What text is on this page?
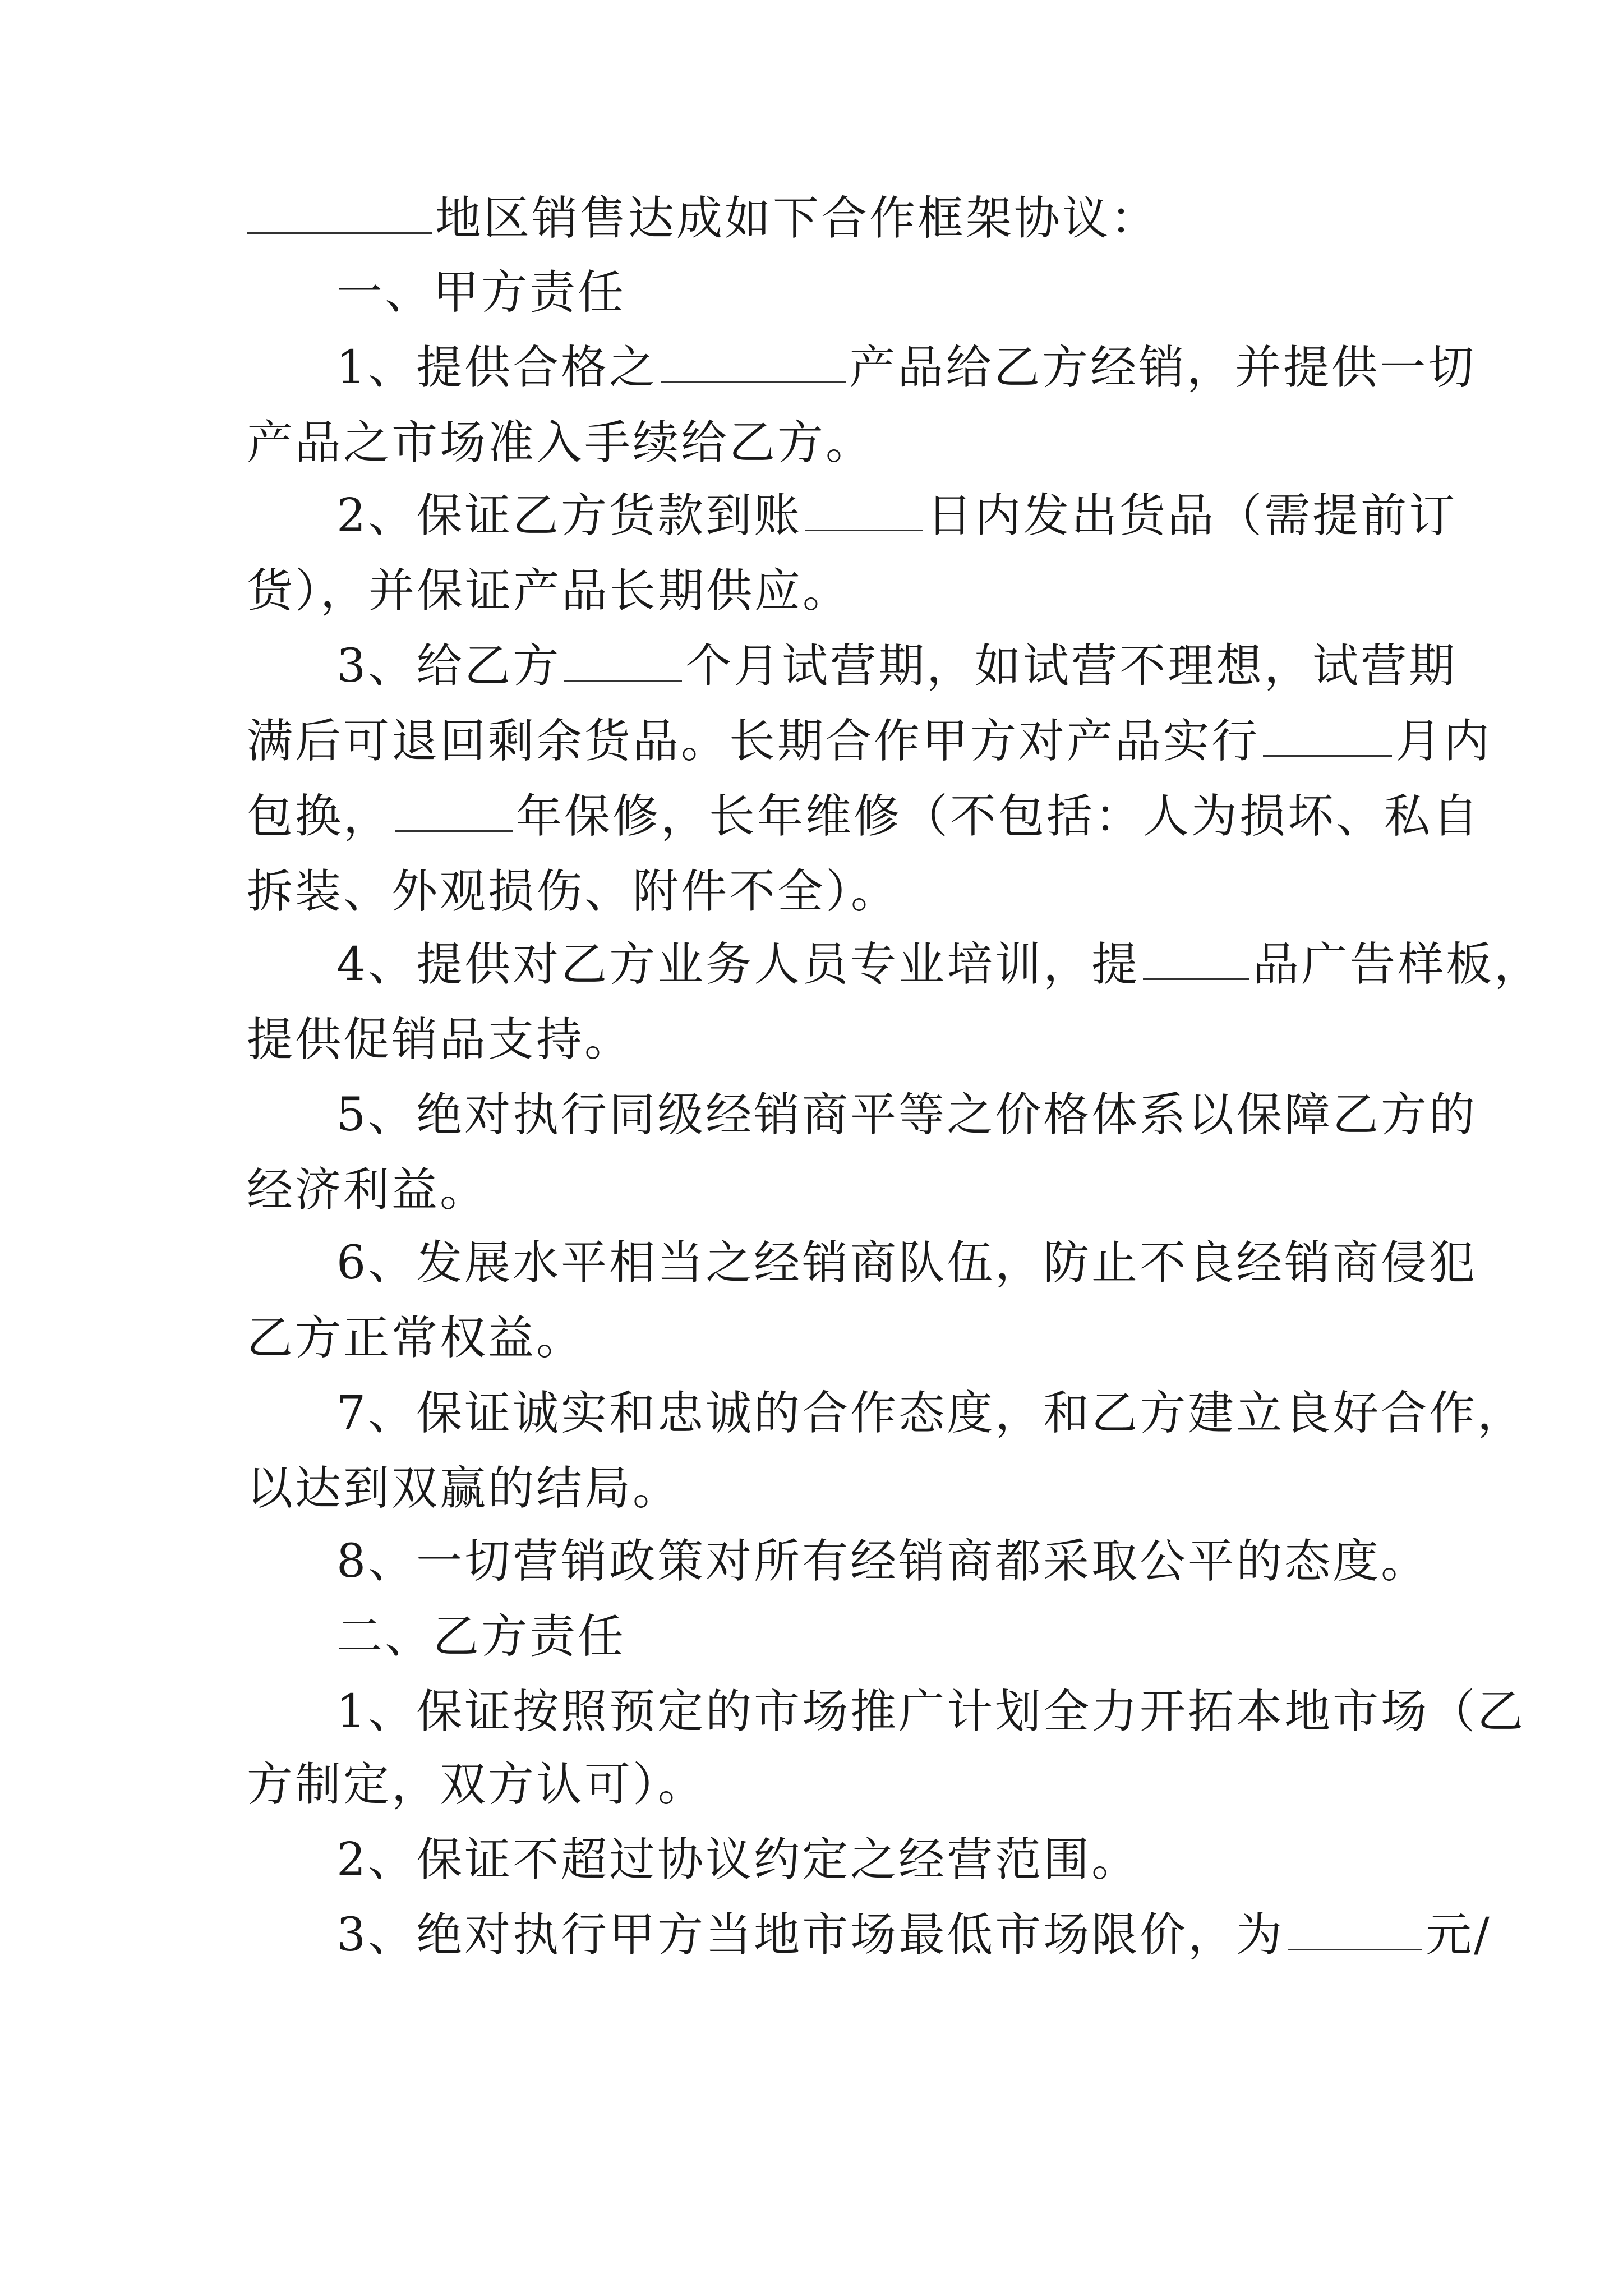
地区销售达成如下合作框架协议：
一、甲方责任
1、提供合格之	产品给乙方经销，并提供一切
产品之市场准入手续给乙方。
2、保证乙方货款到账	日内发出货品（需提前订
货），并保证产品长期供应。
3、给乙方	个月试营期，如试营不理想，试营期
满后可退回剩余货品。长期合作甲方对产品实行	月内
包换，	年保修，长年维修（不包括：人为损坏、私自
拆装、外观损伤、附件不全）。
4、提供对乙方业务人员专业培训，提 品广告样板，
提供促销品支持。
5、绝对执行同级经销商平等之价格体系以保障乙方的
经济利益。
6、发展水平相当之经销商队伍，防止不良经销商侵犯
乙方正常权益。
7、保证诚实和忠诚的合作态度，和乙方建立良好合作，
以达到双赢的结局。
8、一切营销政策对所有经销商都采取公平的态度。
二、乙方责任
1、保证按照预定的市场推广计划全力开拓本地市场（乙
方制定，双方认可）。
2、保证不超过协议约定之经营范围。
3、绝对执行甲方当地市场最低市场限价，为	元/
